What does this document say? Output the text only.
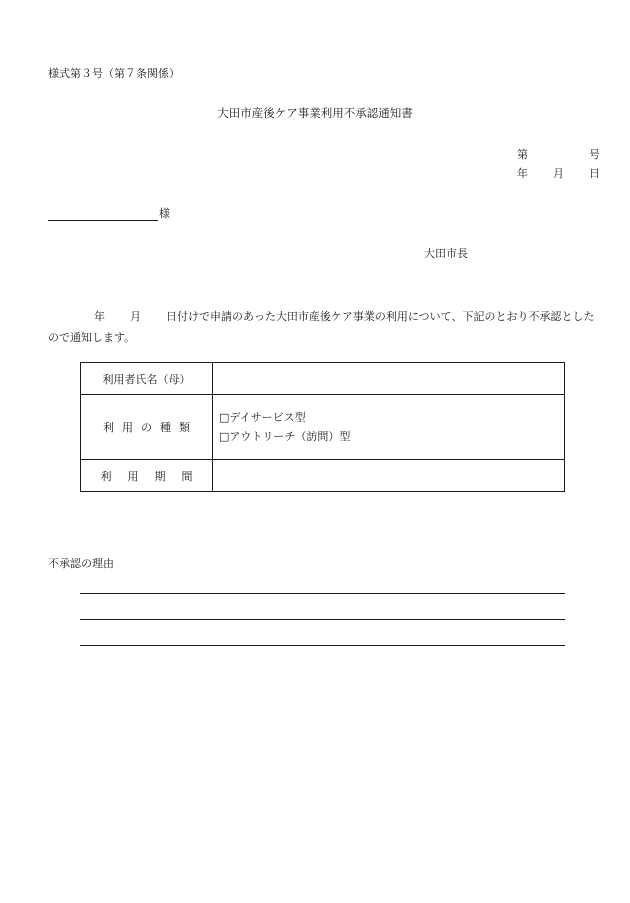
様式第３号（第７条関係）
大田市産後ケア事業利用不承認通知書
第	号
年 月 日
様
大田市長
年 月 日付けで申請のあった大田市産後ケア事業の利用について、下記のとおり不承認としたので通知します。
利用者氏名（母）	
利用の種類	□デイサービス型
□アウトリーチ（訪問）型

利用期間	
不承認の理由
